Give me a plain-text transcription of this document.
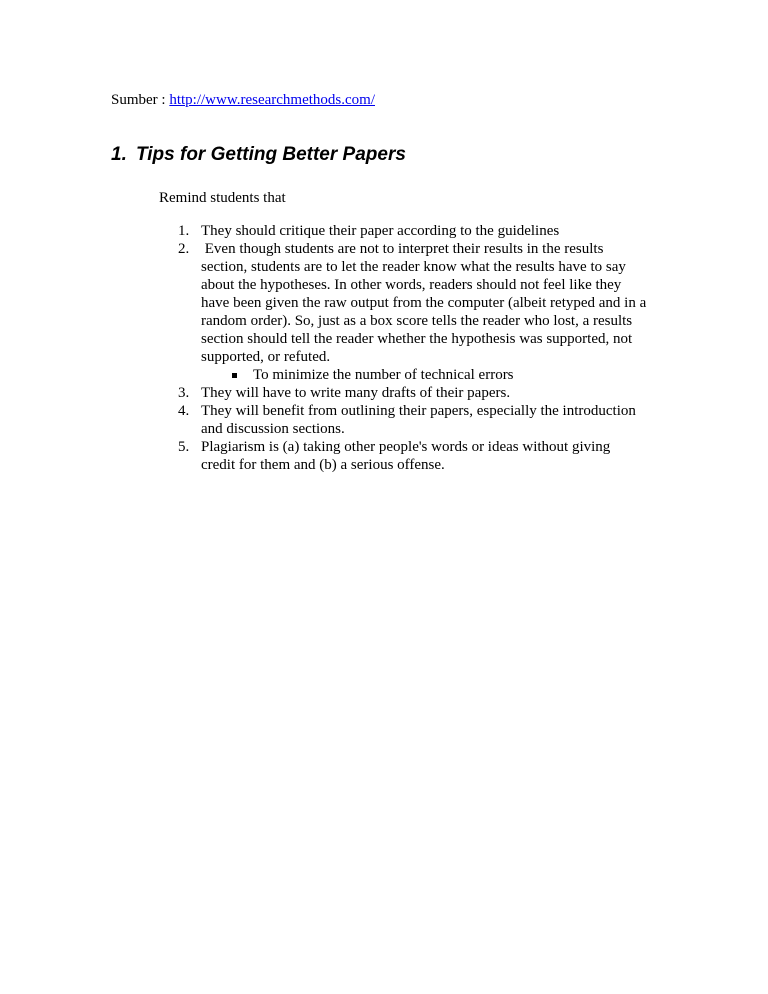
Sumber : http://www.researchmethods.com/
1. Tips for Getting Better Papers
Remind students that
1. They should critique their paper according to the guidelines
2. Even though students are not to interpret their results in the results section, students are to let the reader know what the results have to say about the hypotheses. In other words, readers should not feel like they have been given the raw output from the computer (albeit retyped and in a random order). So, just as a box score tells the reader who lost, a results section should tell the reader whether the hypothesis was supported, not supported, or refuted.
To minimize the number of technical errors
3. They will have to write many drafts of their papers.
4. They will benefit from outlining their papers, especially the introduction and discussion sections.
5. Plagiarism is (a) taking other people's words or ideas without giving credit for them and (b) a serious offense.
